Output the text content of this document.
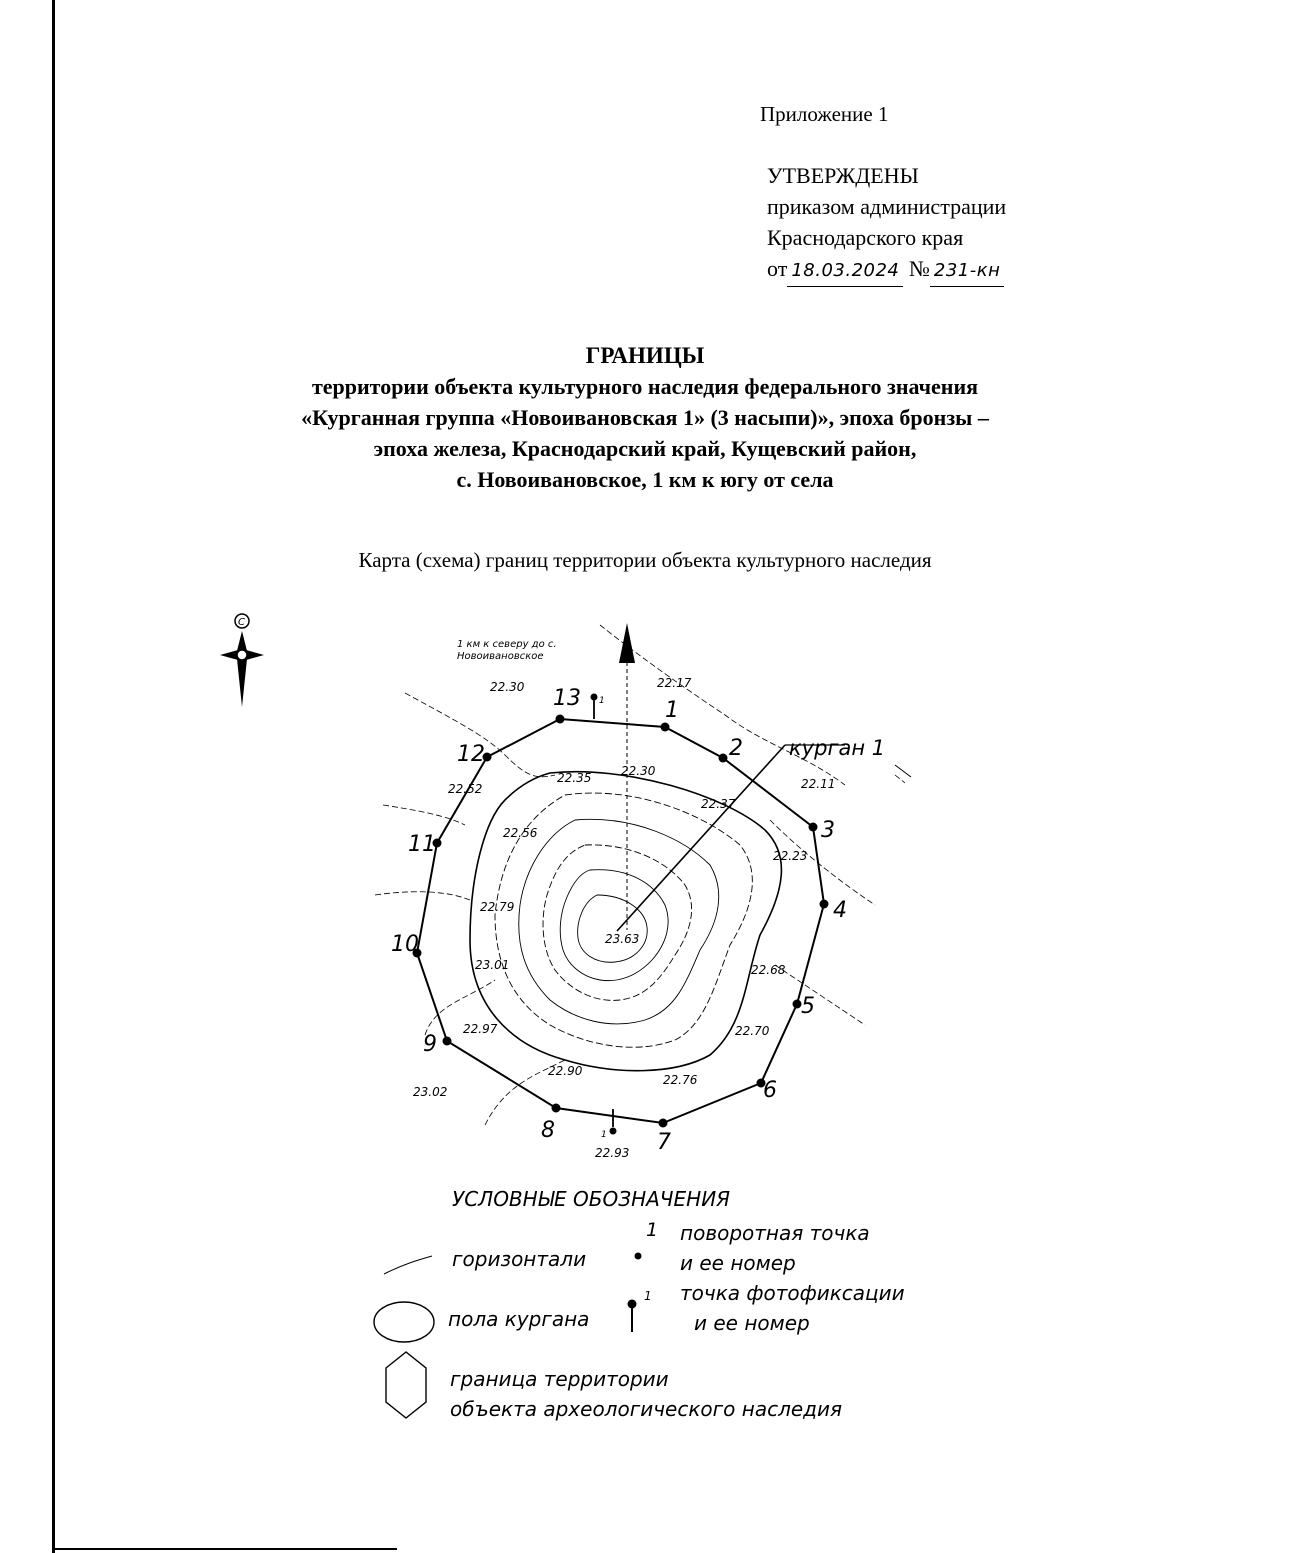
Приложение 1
УТВЕРЖДЕНЫ
приказом администрации
Краснодарского края
от 18.03.2024 № 231-кн
ГРАНИЦЫ
территории объекта культурного наследия федерального значения
«Курганная группа «Новоивановская 1» (3 насыпи)», эпоха бронзы –
эпоха железа, Краснодарский край, Кущевский район,
с. Новоивановское, 1 км к югу от села
Карта (схема) границ территории объекта культурного наследия
С
1 км к северу до с.
Новоивановское
1
2
3
4
5
6
7
8
9
10
11
12
13 1
1
курган 1
22.17
22.30
22.11
22.35 22.30
22.52
22.37
22.56
22.23
22.79
23.63
23.01	22.68
22.97	22.70
22.90
22.76
23.02
22.93
УСЛОВНЫЕ ОБОЗНАЧЕНИЯ
горизонтали
1 поворотная точка
и ее номер
1 точка фотофиксации
и ее номер
пола кургана
граница территории
объекта археологического наследия
